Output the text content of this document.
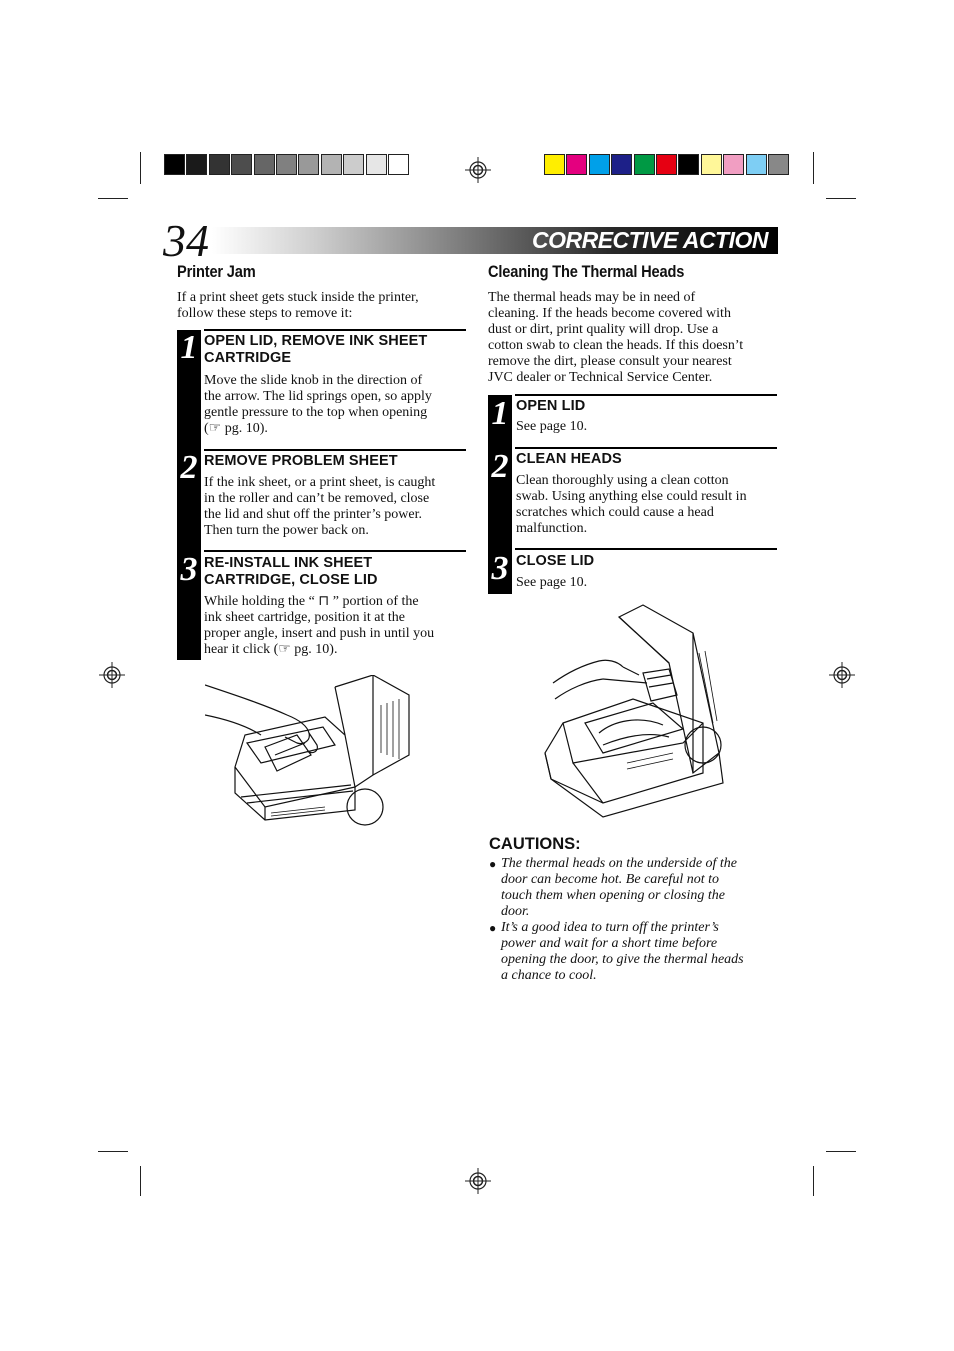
34	CORRECTIVE ACTION
Printer Jam
If a print sheet gets stuck inside the printer,
follow these steps to remove it:
1 OPEN LID, REMOVE INK SHEET
CARTRIDGE
Move the slide knob in the direction of
the arrow. The lid springs open, so apply
gentle pressure to the top when opening
(☞ pg. 10).
2 REMOVE PROBLEM SHEET
If the ink sheet, or a print sheet, is caught
in the roller and can’t be removed, close
the lid and shut off the printer’s power.
Then turn the power back on.
3 RE-INSTALL INK SHEET
CARTRIDGE, CLOSE LID
While holding the “ ⊓ ” portion of the
ink sheet cartridge, position it at the
proper angle, insert and push in until you
hear it click (☞ pg. 10).
Cleaning The Thermal Heads
The thermal heads may be in need of
cleaning. If the heads become covered with
dust or dirt, print quality will drop. Use a
cotton swab to clean the heads. If this doesn’t
remove the dirt, please consult your nearest
JVC dealer or Technical Service Center.
1 OPEN LID
See page 10.
2 CLEAN HEADS
Clean thoroughly using a clean cotton
swab. Using anything else could result in
scratches which could cause a head
malfunction.
3 CLOSE LID
See page 10.
CAUTIONS:
● The thermal heads on the underside of the
door can become hot. Be careful not to
touch them when opening or closing the
door.
● It’s a good idea to turn off the printer’s
power and wait for a short time before
opening the door, to give the thermal heads
a chance to cool.
